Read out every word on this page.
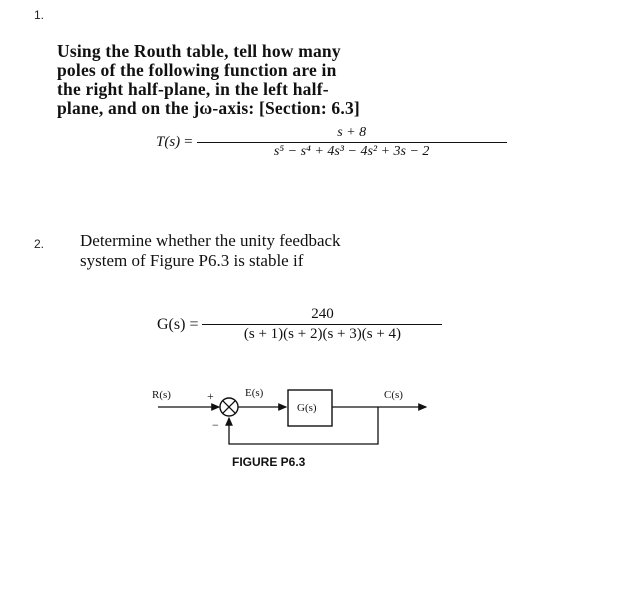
1.
Using the Routh table, tell how many
poles of the following function are in
the right half-plane, in the left half-
plane, and on the jω-axis: [Section: 6.3]
T(s) =
s + 8
s⁵ − s⁴ + 4s³ − 4s² + 3s − 2
2. Determine whether the unity feedback
system of Figure P6.3 is stable if
G(s) =
240
(s + 1)(s + 2)(s + 3)(s + 4)
R(s)	+
−
E(s)
G(s)
C(s)
FIGURE P6.3
